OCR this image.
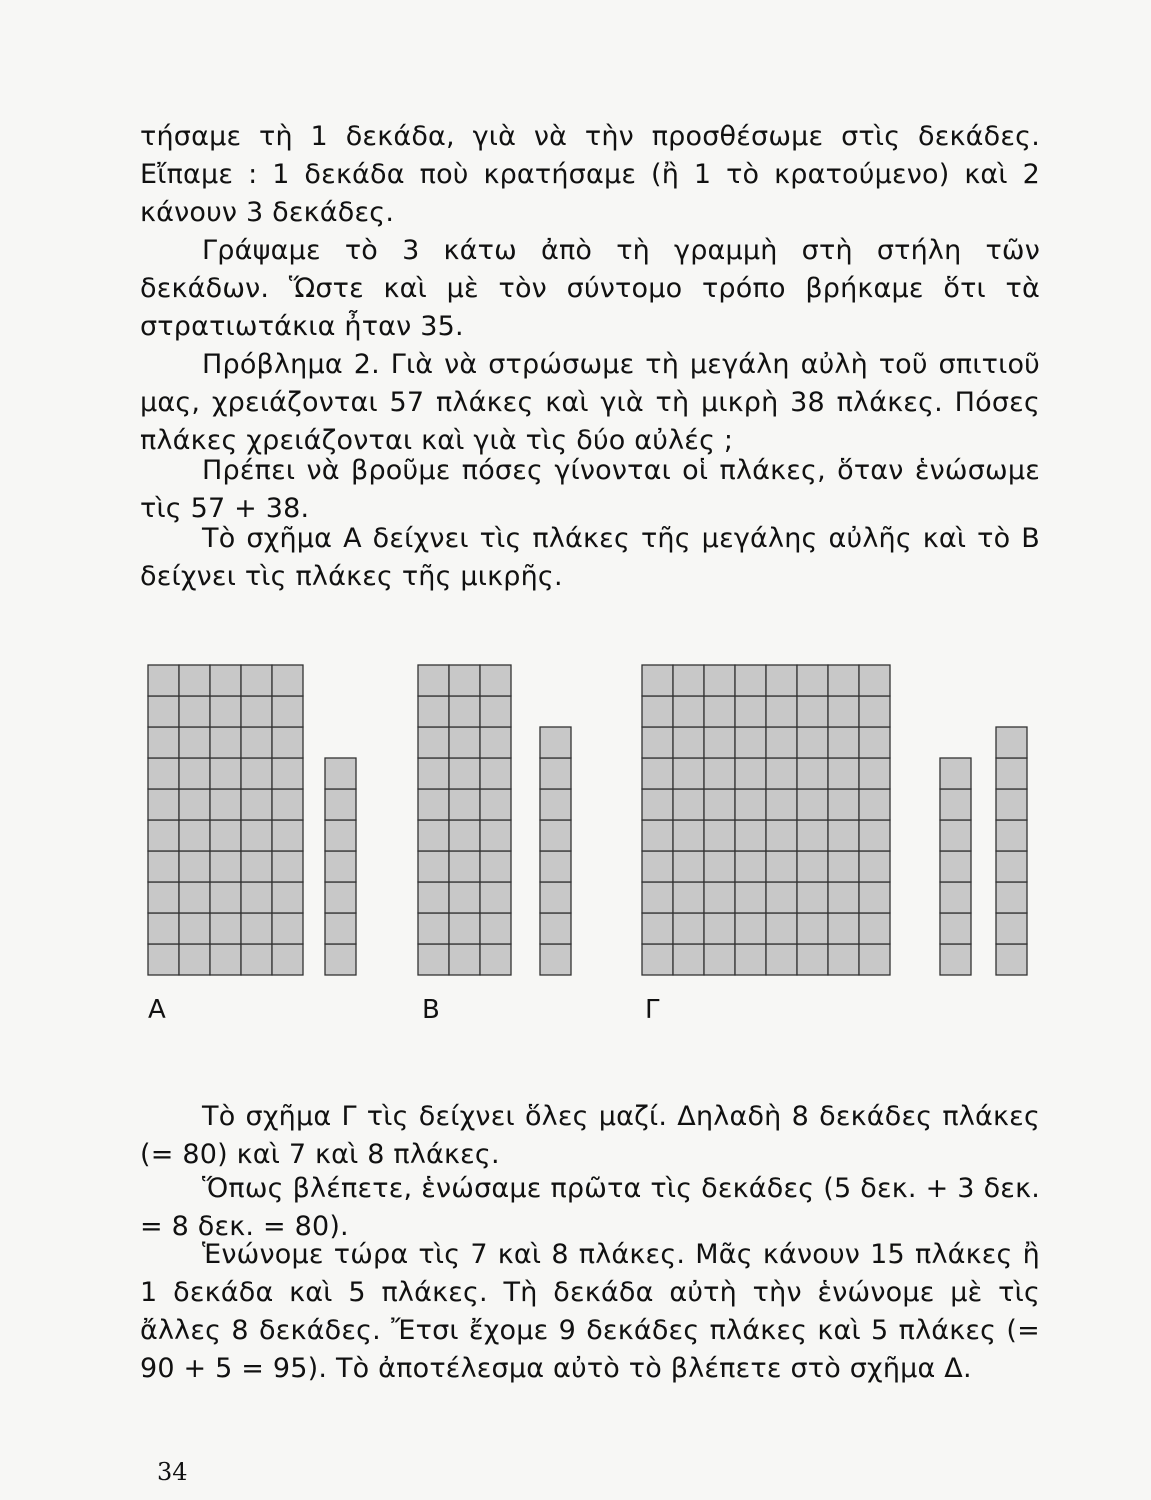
τήσαμε τὴ 1 δεκάδα, γιὰ νὰ τὴν προσθέσωμε στὶς δεκάδες. Εἴπαμε : 1 δεκάδα ποὺ κρατήσαμε (ἢ 1 τὸ κρατούμενο) καὶ 2 κάνουν 3 δεκάδες.

Γράψαμε τὸ 3 κάτω ἀπὸ τὴ γραμμὴ στὴ στήλη τῶν δεκάδων. Ὥστε καὶ μὲ τὸν σύντομο τρόπο βρήκαμε ὅτι τὰ στρατιωτάκια ἦταν 35.

Πρόβλημα 2. Γιὰ νὰ στρώσωμε τὴ μεγάλη αὐλὴ τοῦ σπιτιοῦ μας, χρειάζονται 57 πλάκες καὶ γιὰ τὴ μικρὴ 38 πλάκες. Πόσες πλάκες χρειάζονται καὶ γιὰ τὶς δύο αὐλές ;

Πρέπει νὰ βροῦμε πόσες γίνονται οἱ πλάκες, ὅταν ἑνώσωμε τὶς 57 + 38.

Τὸ σχῆμα Α δείχνει τὶς πλάκες τῆς μεγάλης αὐλῆς καὶ τὸ Β δείχνει τὶς πλάκες τῆς μικρῆς.

Α	Β	Γ

Τὸ σχῆμα Γ τὶς δείχνει ὅλες μαζί. Δηλαδὴ 8 δεκάδες πλάκες (= 80) καὶ 7 καὶ 8 πλάκες.

Ὅπως βλέπετε, ἑνώσαμε πρῶτα τὶς δεκάδες (5 δεκ. + 3 δεκ. = 8 δεκ. = 80).

Ἑνώνομε τώρα τὶς 7 καὶ 8 πλάκες. Μᾶς κάνουν 15 πλάκες ἢ 1 δεκάδα καὶ 5 πλάκες. Τὴ δεκάδα αὐτὴ τὴν ἑνώνομε μὲ τὶς ἄλλες 8 δεκάδες. Ἔτσι ἔχομε 9 δεκάδες πλάκες καὶ 5 πλάκες (= 90 + 5 = 95). Τὸ ἀποτέλεσμα αὐτὸ τὸ βλέπετε στὸ σχῆμα Δ.

34
